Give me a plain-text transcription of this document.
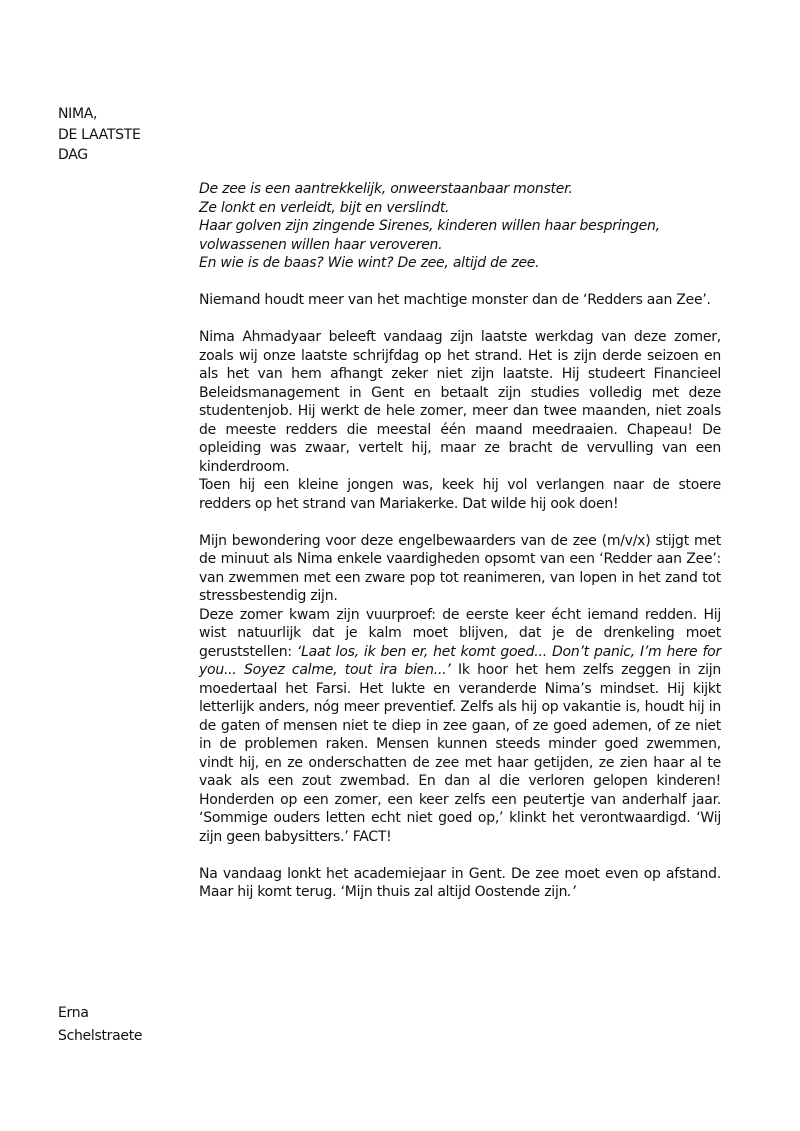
NIMA,
DE LAATSTE
DAG
De zee is een aantrekkelijk, onweerstaanbaar monster.
Ze lonkt en verleidt, bijt en verslindt.
Haar golven zijn zingende Sirenes, kinderen willen haar bespringen,
volwassenen willen haar veroveren.
En wie is de baas? Wie wint? De zee, altijd de zee.

Niemand houdt meer van het machtige monster dan de ‘Redders aan Zee’.

Nima Ahmadyaar beleeft vandaag zijn laatste werkdag van deze zomer, zoals wij onze laatste schrijfdag op het strand. Het is zijn derde seizoen en als het van hem afhangt zeker niet zijn laatste. Hij studeert Financieel Beleidsmanagement in Gent en betaalt zijn studies volledig met deze studentenjob. Hij werkt de hele zomer, meer dan twee maanden, niet zoals de meeste redders die meestal één maand meedraaien. Chapeau! De opleiding was zwaar, vertelt hij, maar ze bracht de vervulling van een kinderdroom.

Toen hij een kleine jongen was, keek hij vol verlangen naar de stoere redders op het strand van Mariakerke. Dat wilde hij ook doen!

Mijn bewondering voor deze engelbewaarders van de zee (m/v/x) stijgt met de minuut als Nima enkele vaardigheden opsomt van een ‘Redder aan Zee’: van zwemmen met een zware pop tot reanimeren, van lopen in het zand tot stressbestendig zijn.

Deze zomer kwam zijn vuurproef: de eerste keer écht iemand redden. Hij wist natuurlijk dat je kalm moet blijven, dat je de drenkeling moet geruststellen: ‘Laat los, ik ben er, het komt goed... Don’t panic, I’m here for you... Soyez calme, tout ira bien...’ Ik hoor het hem zelfs zeggen in zijn moedertaal het Farsi. Het lukte en veranderde Nima’s mindset. Hij kijkt letterlijk anders, nóg meer preventief. Zelfs als hij op vakantie is, houdt hij in de gaten of mensen niet te diep in zee gaan, of ze goed ademen, of ze niet in de problemen raken. Mensen kunnen steeds minder goed zwemmen, vindt hij, en ze onderschatten de zee met haar getijden, ze zien haar al te vaak als een zout zwembad. En dan al die verloren gelopen kinderen! Honderden op een zomer, een keer zelfs een peutertje van anderhalf jaar. ‘Sommige ouders letten echt niet goed op,’ klinkt het verontwaardigd. ‘Wij zijn geen babysitters.’ FACT!

Na vandaag lonkt het academiejaar in Gent. De zee moet even op afstand. Maar hij komt terug. ‘Mijn thuis zal altijd Oostende zijn.’

Erna
Schelstraete
